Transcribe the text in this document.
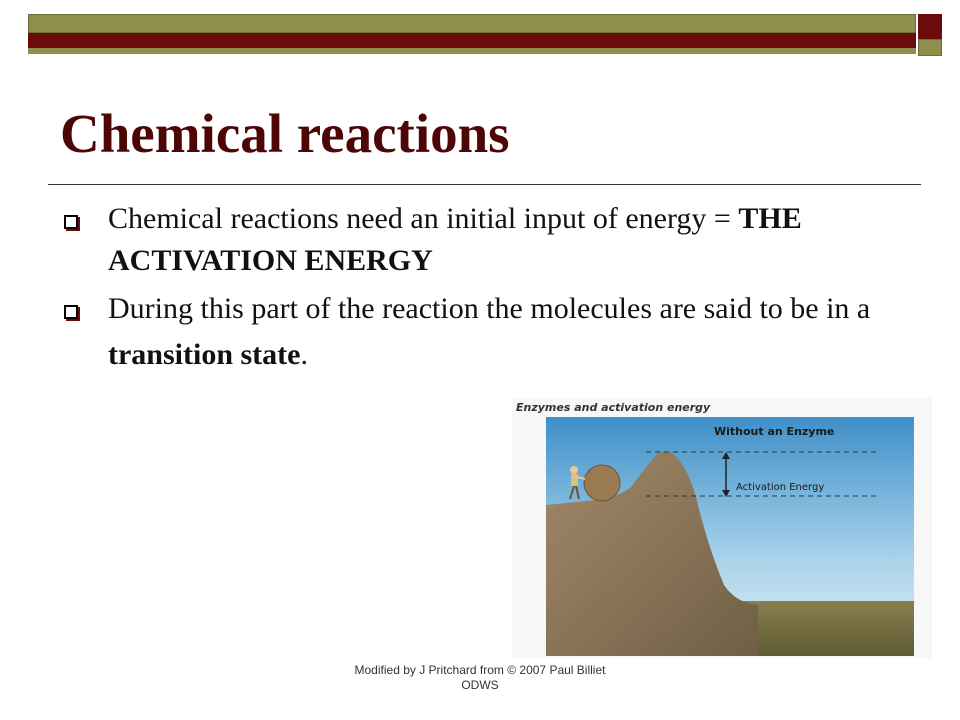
Chemical reactions
Chemical reactions need an initial input of energy = THE ACTIVATION ENERGY
During this part of the reaction the molecules are said to be in a transition state.
Enzymes and activation energy
Without an Enzyme
Activation Energy
Modified by J Pritchard from © 2007 Paul Billiet
ODWS
